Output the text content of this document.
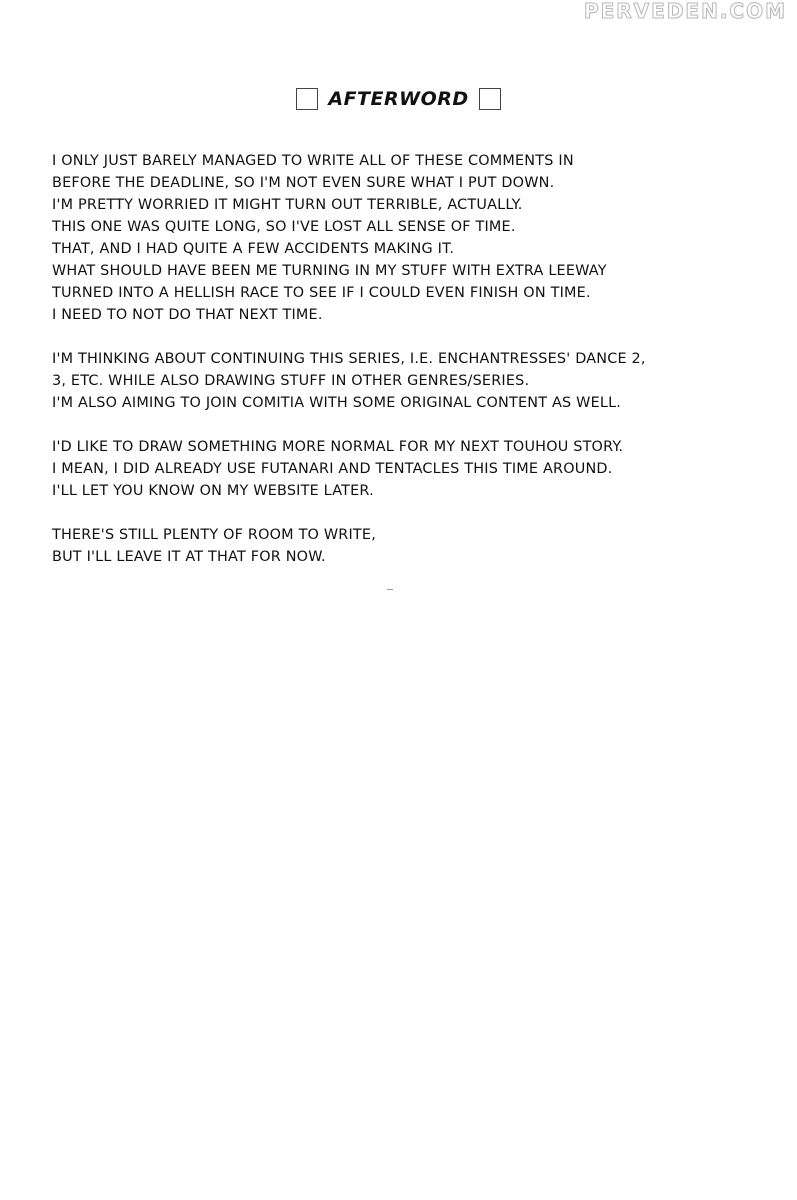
PERVEDEN.COM
AFTERWORD
I ONLY JUST BARELY MANAGED TO WRITE ALL OF THESE COMMENTS IN
BEFORE THE DEADLINE, SO I'M NOT EVEN SURE WHAT I PUT DOWN.
I'M PRETTY WORRIED IT MIGHT TURN OUT TERRIBLE, ACTUALLY.
THIS ONE WAS QUITE LONG, SO I'VE LOST ALL SENSE OF TIME.
THAT, AND I HAD QUITE A FEW ACCIDENTS MAKING IT.
WHAT SHOULD HAVE BEEN ME TURNING IN MY STUFF WITH EXTRA LEEWAY
TURNED INTO A HELLISH RACE TO SEE IF I COULD EVEN FINISH ON TIME.
I NEED TO NOT DO THAT NEXT TIME.
I'M THINKING ABOUT CONTINUING THIS SERIES, I.E. ENCHANTRESSES' DANCE 2,
3, ETC. WHILE ALSO DRAWING STUFF IN OTHER GENRES/SERIES.
I'M ALSO AIMING TO JOIN COMITIA WITH SOME ORIGINAL CONTENT AS WELL.
I'D LIKE TO DRAW SOMETHING MORE NORMAL FOR MY NEXT TOUHOU STORY.
I MEAN, I DID ALREADY USE FUTANARI AND TENTACLES THIS TIME AROUND.
I'LL LET YOU KNOW ON MY WEBSITE LATER.
THERE'S STILL PLENTY OF ROOM TO WRITE,
BUT I'LL LEAVE IT AT THAT FOR NOW.
